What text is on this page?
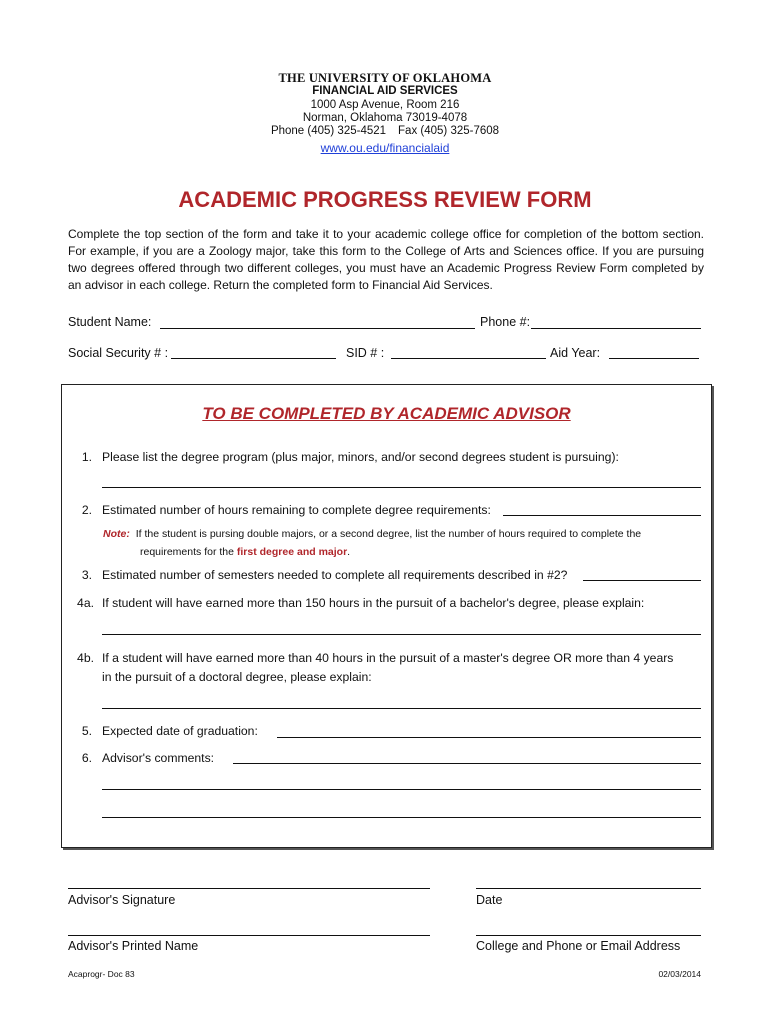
THE UNIVERSITY OF OKLAHOMA
FINANCIAL AID SERVICES
1000 Asp Avenue, Room 216
Norman, Oklahoma 73019-4078
Phone (405) 325-4521 Fax (405) 325-7608
www.ou.edu/financialaid
ACADEMIC PROGRESS REVIEW FORM
Complete the top section of the form and take it to your academic college office for completion of the bottom section. For example, if you are a Zoology major, take this form to the College of Arts and Sciences office. If you are pursuing two degrees offered through two different colleges, you must have an Academic Progress Review Form completed by an advisor in each college. Return the completed form to Financial Aid Services.
Student Name:	Phone #:
Social Security # :	SID # :	Aid Year:
TO BE COMPLETED BY ACADEMIC ADVISOR
1. Please list the degree program (plus major, minors, and/or second degrees student is pursuing):
2. Estimated number of hours remaining to complete degree requirements:
Note: If the student is pursing double majors, or a second degree, list the number of hours required to complete the
requirements for the first degree and major.
3. Estimated number of semesters needed to complete all requirements described in #2?
4a. If student will have earned more than 150 hours in the pursuit of a bachelor's degree, please explain:
4b. If a student will have earned more than 40 hours in the pursuit of a master's degree OR more than 4 years
in the pursuit of a doctoral degree, please explain:
5. Expected date of graduation:
6. Advisor's comments:
Advisor's Signature	Date
Advisor's Printed Name	College and Phone or Email Address
Acaprogr- Doc 83	02/03/2014
